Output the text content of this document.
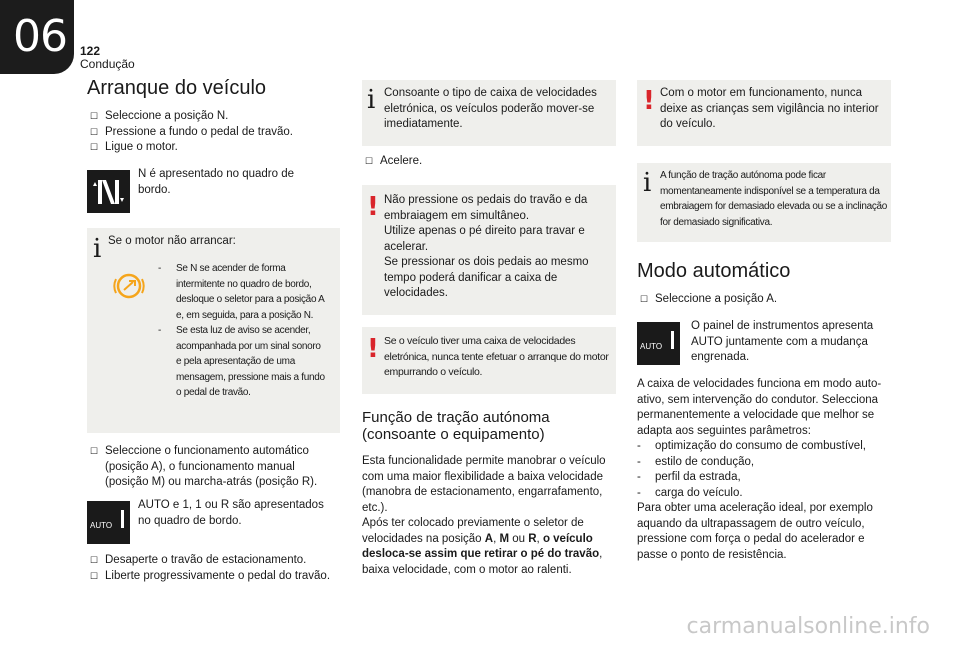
06 122
Condução
Arranque do veículo
☐ Seleccione a posição N.
☐ Pressione a fundo o pedal de travão.
☐ Ligue o motor.
N é apresentado no quadro de bordo.
i Se o motor não arrancar:
- Se N se acender de forma intermitente no quadro de bordo, desloque o seletor para a posição A e, em seguida, para a posição N.
- Se esta luz de aviso se acender, acompanhada por um sinal sonoro e pela apresentação de uma mensagem, pressione mais a fundo o pedal de travão.
☐ Seleccione o funcionamento automático (posição A), o funcionamento manual (posição M) ou marcha-atrás (posição R).
AUTO
AUTO e 1, 1 ou R são apresentados no quadro de bordo.
☐ Desaperte o travão de estacionamento.
☐ Liberte progressivamente o pedal do travão.
i Consoante o tipo de caixa de velocidades eletrónica, os veículos poderão mover-se imediatamente.
☐ Acelere.
! Não pressione os pedais do travão e da embraiagem em simultâneo.
Utilize apenas o pé direito para travar e acelerar.
Se pressionar os dois pedais ao mesmo tempo poderá danificar a caixa de velocidades.
! Se o veículo tiver uma caixa de velocidades eletrónica, nunca tente efetuar o arranque do motor empurrando o veículo.
Função de tração autónoma (consoante o equipamento)
Esta funcionalidade permite manobrar o veículo com uma maior flexibilidade a baixa velocidade (manobra de estacionamento, engarrafamento, etc.).
Após ter colocado previamente o seletor de velocidades na posição A, M ou R, o veículo desloca-se assim que retirar o pé do travão, baixa velocidade, com o motor ao ralenti.
! Com o motor em funcionamento, nunca deixe as crianças sem vigilância no interior do veículo.
i A função de tração autónoma pode ficar momentaneamente indisponível se a temperatura da embraiagem for demasiado elevada ou se a inclinação for demasiado significativa.
Modo automático
☐ Seleccione a posição A.
AUTO
O painel de instrumentos apresenta AUTO juntamente com a mudança engrenada.
A caixa de velocidades funciona em modo auto-ativo, sem intervenção do condutor. Selecciona permanentemente a velocidade que melhor se adapta aos seguintes parâmetros:
- optimização do consumo de combustível,
- estilo de condução,
- perfil da estrada,
- carga do veículo.
Para obter uma aceleração ideal, por exemplo aquando da ultrapassagem de outro veículo, pressione com força o pedal do acelerador e passe o ponto de resistência.
carmanualsonline.info
